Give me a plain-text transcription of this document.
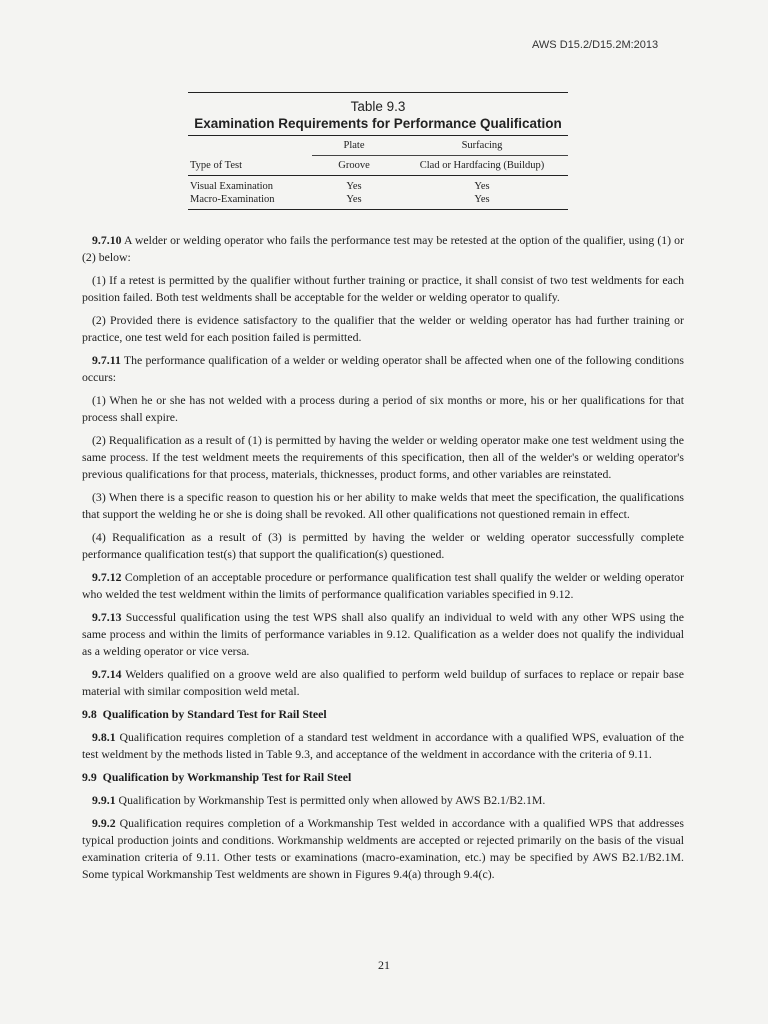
AWS D15.2/D15.2M:2013
Table 9.3
Examination Requirements for Performance Qualification
	Plate	Surfacing
Type of Test	Groove	Clad or Hardfacing (Buildup)
Visual Examination	Yes	Yes
Macro-Examination	Yes	Yes

9.7.10 A welder or welding operator who fails the performance test may be retested at the option of the qualifier, using (1) or (2) below:

(1) If a retest is permitted by the qualifier without further training or practice, it shall consist of two test weldments for each position failed. Both test weldments shall be acceptable for the welder or welding operator to qualify.

(2) Provided there is evidence satisfactory to the qualifier that the welder or welding operator has had further training or practice, one test weld for each position failed is permitted.

9.7.11 The performance qualification of a welder or welding operator shall be affected when one of the following conditions occurs:

(1) When he or she has not welded with a process during a period of six months or more, his or her qualifications for that process shall expire.

(2) Requalification as a result of (1) is permitted by having the welder or welding operator make one test weldment using the same process. If the test weldment meets the requirements of this specification, then all of the welder's or welding operator's previous qualifications for that process, materials, thicknesses, product forms, and other variables are reinstated.

(3) When there is a specific reason to question his or her ability to make welds that meet the specification, the qualifications that support the welding he or she is doing shall be revoked. All other qualifications not questioned remain in effect.

(4) Requalification as a result of (3) is permitted by having the welder or welding operator successfully complete performance qualification test(s) that support the qualification(s) questioned.

9.7.12 Completion of an acceptable procedure or performance qualification test shall qualify the welder or welding operator who welded the test weldment within the limits of performance qualification variables specified in 9.12.

9.7.13 Successful qualification using the test WPS shall also qualify an individual to weld with any other WPS using the same process and within the limits of performance variables in 9.12. Qualification as a welder does not qualify the individual as a welding operator or vice versa.

9.7.14 Welders qualified on a groove weld are also qualified to perform weld buildup of surfaces to replace or repair base material with similar composition weld metal.

9.8 Qualification by Standard Test for Rail Steel

9.8.1 Qualification requires completion of a standard test weldment in accordance with a qualified WPS, evaluation of the test weldment by the methods listed in Table 9.3, and acceptance of the weldment in accordance with the criteria of 9.11.

9.9 Qualification by Workmanship Test for Rail Steel

9.9.1 Qualification by Workmanship Test is permitted only when allowed by AWS B2.1/B2.1M.

9.9.2 Qualification requires completion of a Workmanship Test welded in accordance with a qualified WPS that addresses typical production joints and conditions. Workmanship weldments are accepted or rejected primarily on the basis of the visual examination criteria of 9.11. Other tests or examinations (macro-examination, etc.) may be specified by AWS B2.1/B2.1M. Some typical Workmanship Test weldments are shown in Figures 9.4(a) through 9.4(c).

21
